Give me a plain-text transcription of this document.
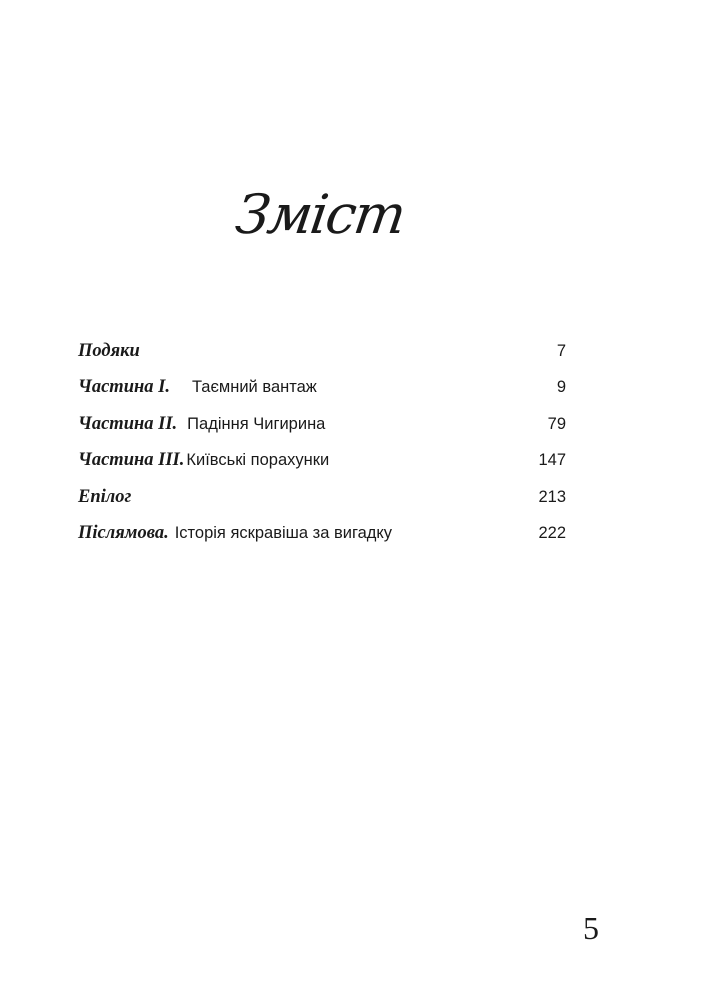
Зміст
Подяки	7
Частина І. Таємний вантаж	9
Частина ІІ. Падіння Чигирина	79
Частина ІІІ. Київські порахунки	147
Епілог	213
Післямова. Історія яскравіша за вигадку	222
5
